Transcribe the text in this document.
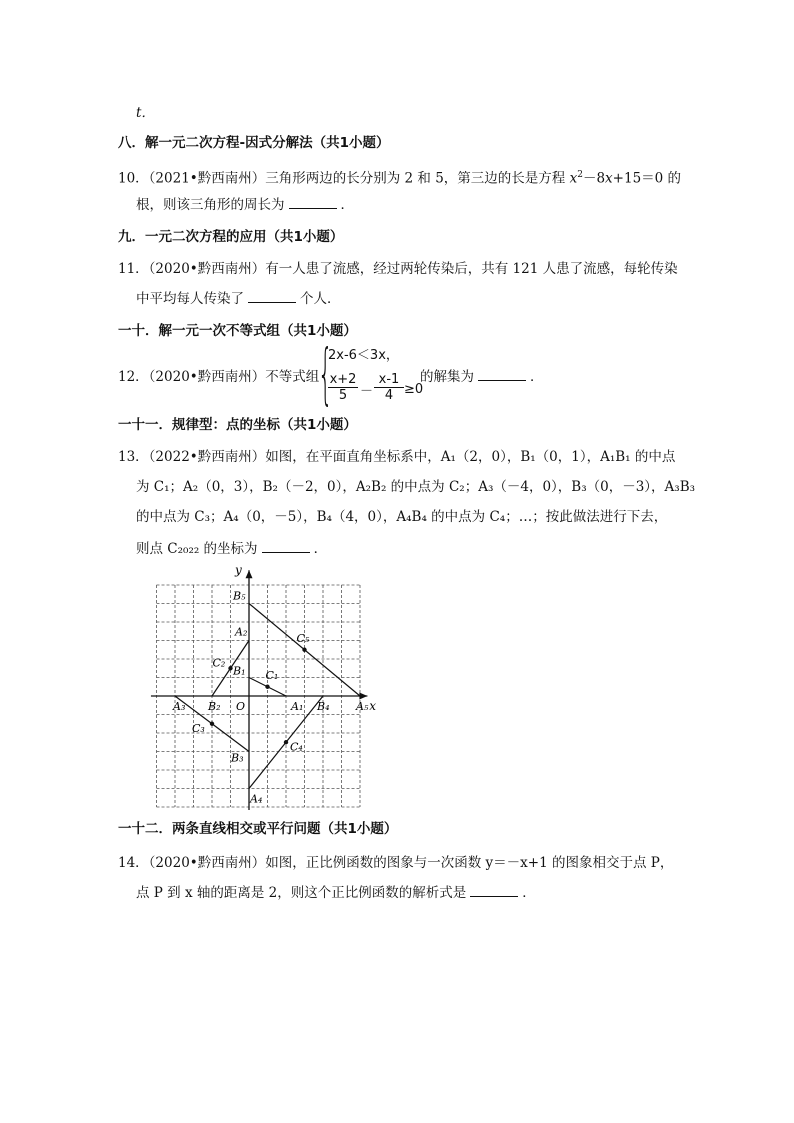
t．
八．解一元二次方程-因式分解法（共1小题）
10．（2021•黔西南州）三角形两边的长分别为 2 和 5，第三边的长是方程 $x^2-8x+15=0$ 的
根，则该三角形的周长为	．
九．一元二次方程的应用（共1小题）
11．（2020•黔西南州）有一人患了流感，经过两轮传染后，共有 121 人患了流感，每轮传染
中平均每人传染了	个人．
一十．解一元一次不等式组（共1小题）
12．（2020•黔西南州）不等式组
{
2x-6＜3x，
$\frac{x+2}{5} - \frac{x-1}{4} \ge 0$
的解集为	．
一十一．规律型：点的坐标（共1小题）
13．（2022•黔西南州）如图，在平面直角坐标系中，A₁（2，0），B₁（0，1），A₁B₁ 的中点
为 C₁；A₂（0，3），B₂（－2，0），A₂B₂ 的中点为 C₂；A₃（－4，0），B₃（0，－3），A₃B₃
的中点为 C₃；A₄（0，－5），B₄（4，0），A₄B₄ 的中点为 C₄；…；按此做法进行下去，
则点 C₂₀₂₂ 的坐标为	．
x
y
O	A₁
B₁ C₁
A₂
B₂
C₂
A₃
B₃
C₃
A₄
B₄
C₄
A₅
B₅
C₅
一十二．两条直线相交或平行问题（共1小题）
14．（2020•黔西南州）如图，正比例函数的图象与一次函数 y＝－x+1 的图象相交于点 P，
点 P 到 x 轴的距离是 2，则这个正比例函数的解析式是	．
